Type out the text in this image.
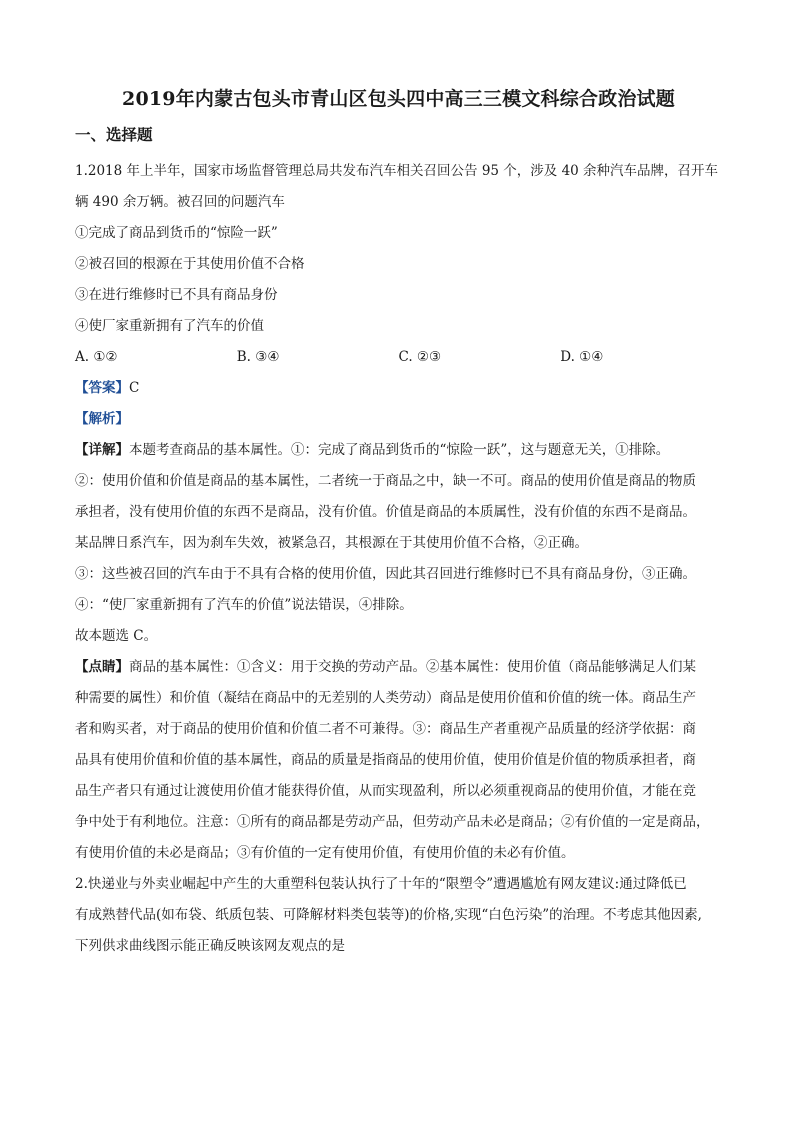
2019年内蒙古包头市青山区包头四中高三三模文科综合政治试题
一、选择题
1.2018 年上半年，国家市场监督管理总局共发布汽车相关召回公告 95 个，涉及 40 余种汽车品牌，召开车
辆 490 余万辆。被召回的问题汽车
①完成了商品到货币的“惊险一跃”
②被召回的根源在于其使用价值不合格
③在进行维修时已不具有商品身份
④使厂家重新拥有了汽车的价值
A. ①②	B. ③④	C. ②③	D. ①④
【答案】C
【解析】
【详解】本题考查商品的基本属性。①：完成了商品到货币的“惊险一跃”，这与题意无关，①排除。
②：使用价值和价值是商品的基本属性，二者统一于商品之中，缺一不可。商品的使用价值是商品的物质
承担者，没有使用价值的东西不是商品，没有价值。价值是商品的本质属性，没有价值的东西不是商品。
某品牌日系汽车，因为刹车失效，被紧急召，其根源在于其使用价值不合格，②正确。
③：这些被召回的汽车由于不具有合格的使用价值，因此其召回进行维修时已不具有商品身份，③正确。
④：“使厂家重新拥有了汽车的价值”说法错误，④排除。
故本题选 C。
【点睛】商品的基本属性：①含义：用于交换的劳动产品。②基本属性：使用价值（商品能够满足人们某
种需要的属性）和价值（凝结在商品中的无差别的人类劳动）商品是使用价值和价值的统一体。商品生产
者和购买者，对于商品的使用价值和价值二者不可兼得。③：商品生产者重视产品质量的经济学依据：商
品具有使用价值和价值的基本属性，商品的质量是指商品的使用价值，使用价值是价值的物质承担者，商
品生产者只有通过让渡使用价值才能获得价值，从而实现盈利，所以必须重视商品的使用价值，才能在竞
争中处于有利地位。注意：①所有的商品都是劳动产品，但劳动产品未必是商品；②有价值的一定是商品，
有使用价值的未必是商品；③有价值的一定有使用价值，有使用价值的未必有价值。
2.快递业与外卖业崛起中产生的大重塑科包装认执行了十年的“限塑令”遭遇尴尬有网友建议:通过降低已
有成熟替代品(如布袋、纸质包装、可降解材料类包装等)的价格,实现“白色污染”的治理。不考虑其他因素,
下列供求曲线图示能正确反映该网友观点的是
